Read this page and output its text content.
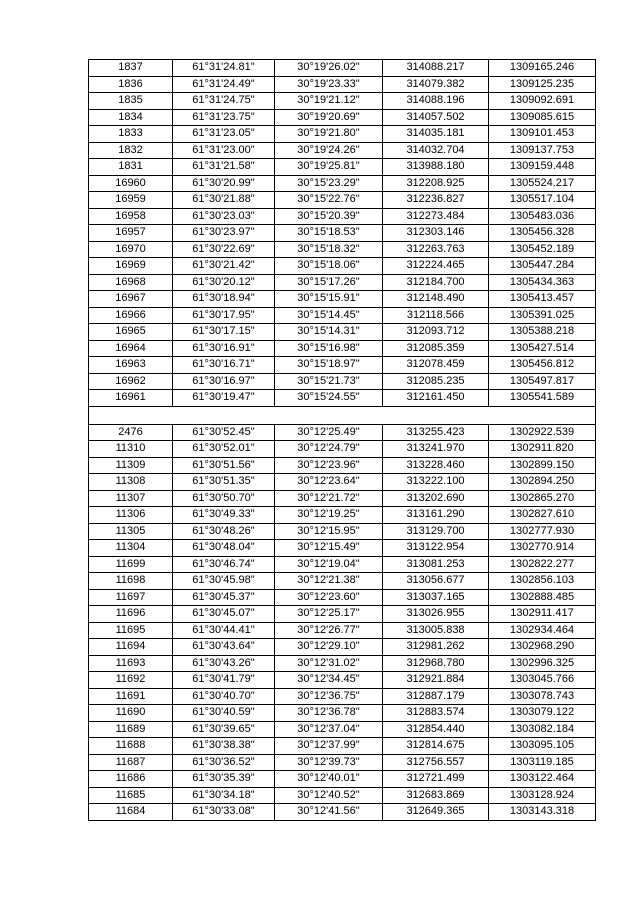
1837	61°31'24.81"	30°19'26.02"	314088.217	1309165.246
1836	61°31'24.49"	30°19'23.33"	314079.382	1309125.235
1835	61°31'24.75"	30°19'21.12"	314088.196	1309092.691
1834	61°31'23.75"	30°19'20.69"	314057.502	1309085.615
1833	61°31'23.05"	30°19'21.80"	314035.181	1309101.453
1832	61°31'23.00"	30°19'24.26"	314032.704	1309137.753
1831	61°31'21.58"	30°19'25.81"	313988.180	1309159.448
16960	61°30'20.99"	30°15'23.29"	312208.925	1305524.217
16959	61°30'21.88"	30°15'22.76"	312236.827	1305517.104
16958	61°30'23.03"	30°15'20.39"	312273.484	1305483.036
16957	61°30'23.97"	30°15'18.53"	312303.146	1305456.328
16970	61°30'22.69"	30°15'18.32"	312263.763	1305452.189
16969	61°30'21.42"	30°15'18.06"	312224.465	1305447.284
16968	61°30'20.12"	30°15'17.26"	312184.700	1305434.363
16967	61°30'18.94"	30°15'15.91"	312148.490	1305413.457
16966	61°30'17.95"	30°15'14.45"	312118.566	1305391.025
16965	61°30'17.15"	30°15'14.31"	312093.712	1305388.218
16964	61°30'16.91"	30°15'16.98"	312085.359	1305427.514
16963	61°30'16.71"	30°15'18.97"	312078.459	1305456.812
16962	61°30'16.97"	30°15'21.73"	312085.235	1305497.817
16961	61°30'19.47"	30°15'24.55"	312161.450	1305541.589

2476	61°30'52.45"	30°12'25.49"	313255.423	1302922.539
11310	61°30'52.01"	30°12'24.79"	313241.970	1302911.820
11309	61°30'51.56"	30°12'23.96"	313228.460	1302899.150
11308	61°30'51.35"	30°12'23.64"	313222.100	1302894.250
11307	61°30'50.70"	30°12'21.72"	313202.690	1302865.270
11306	61°30'49.33"	30°12'19.25"	313161.290	1302827.610
11305	61°30'48.26"	30°12'15.95"	313129.700	1302777.930
11304	61°30'48.04"	30°12'15.49"	313122.954	1302770.914
11699	61°30'46.74"	30°12'19.04"	313081.253	1302822.277
11698	61°30'45.98"	30°12'21.38"	313056.677	1302856.103
11697	61°30'45.37"	30°12'23.60"	313037.165	1302888.485
11696	61°30'45.07"	30°12'25.17"	313026.955	1302911.417
11695	61°30'44.41"	30°12'26.77"	313005.838	1302934.464
11694	61°30'43.64"	30°12'29.10"	312981.262	1302968.290
11693	61°30'43.26"	30°12'31.02"	312968.780	1302996.325
11692	61°30'41.79"	30°12'34.45"	312921.884	1303045.766
11691	61°30'40.70"	30°12'36.75"	312887.179	1303078.743
11690	61°30'40.59"	30°12'36.78"	312883.574	1303079.122
11689	61°30'39.65"	30°12'37.04"	312854.440	1303082.184
11688	61°30'38.38"	30°12'37.99"	312814.675	1303095.105
11687	61°30'36.52"	30°12'39.73"	312756.557	1303119.185
11686	61°30'35.39"	30°12'40.01"	312721.499	1303122.464
11685	61°30'34.18"	30°12'40.52"	312683.869	1303128.924
11684	61°30'33.08"	30°12'41.56"	312649.365	1303143.318
